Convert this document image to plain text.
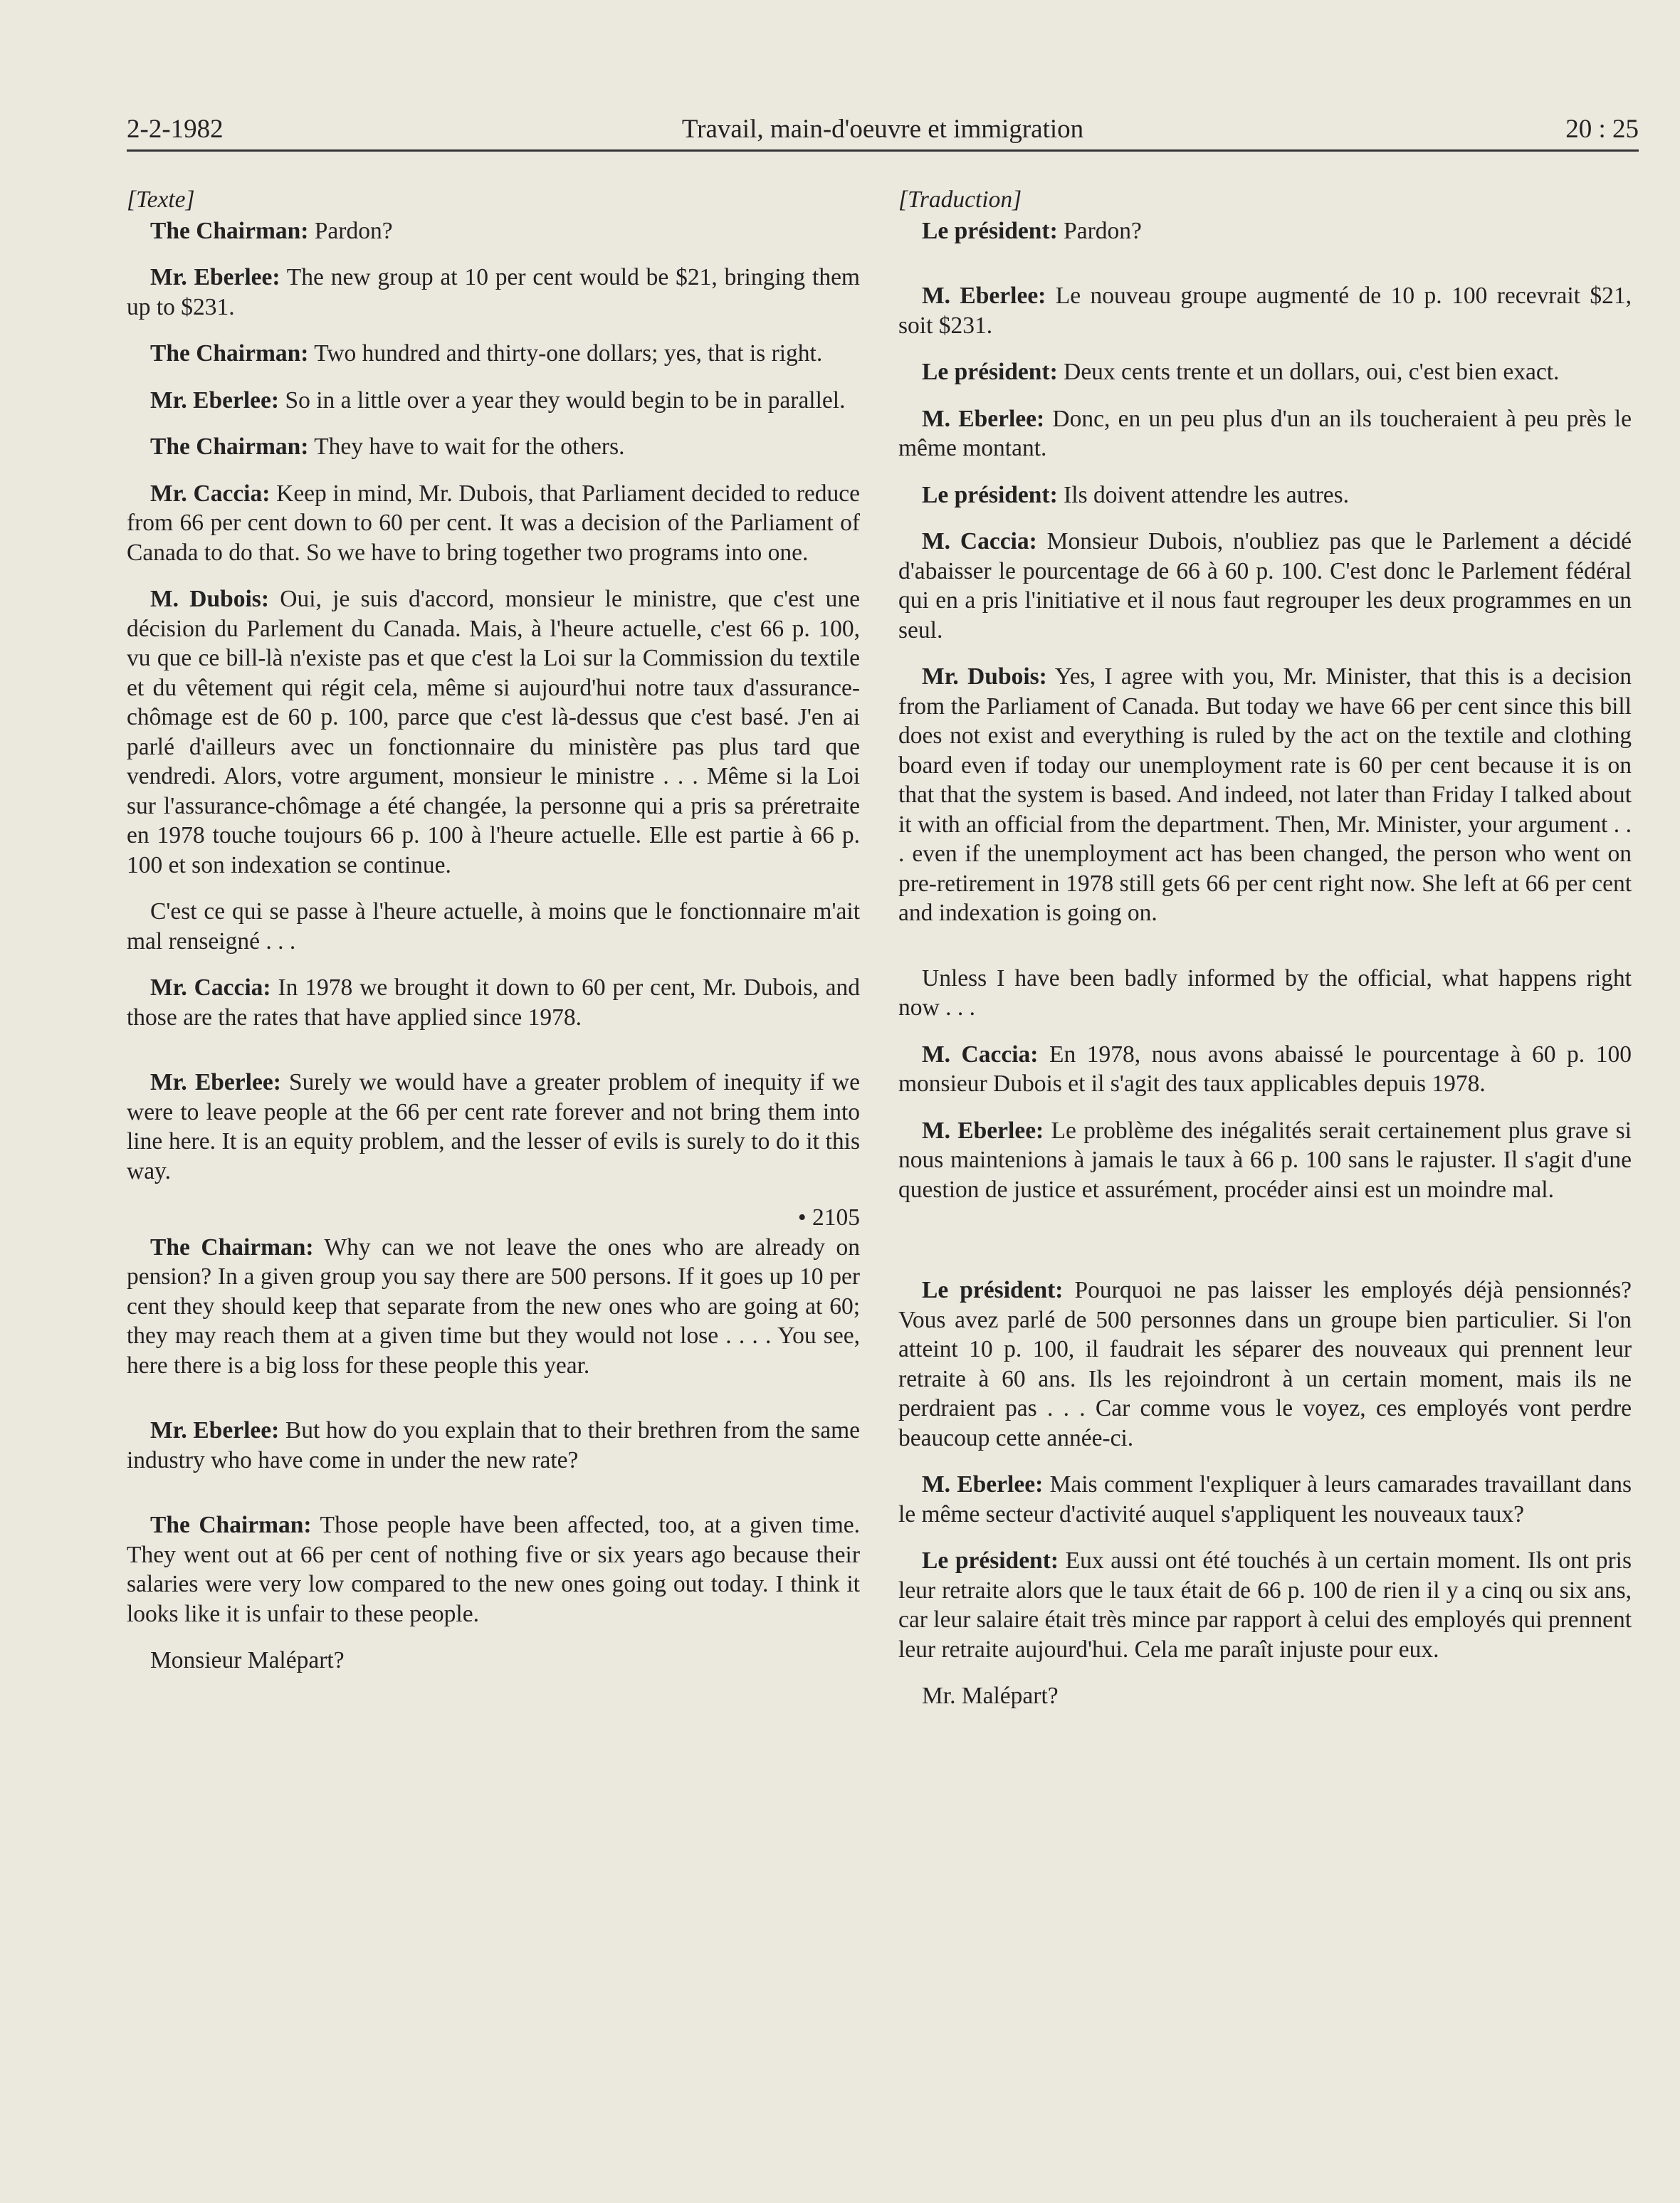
2-2-1982	Travail, main-d'oeuvre et immigration	20 : 25
[Texte]

The Chairman: Pardon?

Mr. Eberlee: The new group at 10 per cent would be $21, bringing them up to $231.

The Chairman: Two hundred and thirty-one dollars; yes, that is right.

Mr. Eberlee: So in a little over a year they would begin to be in parallel.

The Chairman: They have to wait for the others.

Mr. Caccia: Keep in mind, Mr. Dubois, that Parliament decided to reduce from 66 per cent down to 60 per cent. It was a decision of the Parliament of Canada to do that. So we have to bring together two programs into one.

M. Dubois: Oui, je suis d'accord, monsieur le ministre, que c'est une décision du Parlement du Canada. Mais, à l'heure actuelle, c'est 66 p. 100, vu que ce bill-là n'existe pas et que c'est la Loi sur la Commission du textile et du vêtement qui régit cela, même si aujourd'hui notre taux d'assurance-chômage est de 60 p. 100, parce que c'est là-dessus que c'est basé. J'en ai parlé d'ailleurs avec un fonctionnaire du ministère pas plus tard que vendredi. Alors, votre argument, monsieur le ministre . . . Même si la Loi sur l'assurance-chômage a été changée, la personne qui a pris sa préretraite en 1978 touche toujours 66 p. 100 à l'heure actuelle. Elle est partie à 66 p. 100 et son indexation se continue.

C'est ce qui se passe à l'heure actuelle, à moins que le fonctionnaire m'ait mal renseigné . . .

Mr. Caccia: In 1978 we brought it down to 60 per cent, Mr. Dubois, and those are the rates that have applied since 1978.

Mr. Eberlee: Surely we would have a greater problem of inequity if we were to leave people at the 66 per cent rate forever and not bring them into line here. It is an equity problem, and the lesser of evils is surely to do it this way.

• 2105

The Chairman: Why can we not leave the ones who are already on pension? In a given group you say there are 500 persons. If it goes up 10 per cent they should keep that separate from the new ones who are going at 60; they may reach them at a given time but they would not lose . . . . You see, here there is a big loss for these people this year.

Mr. Eberlee: But how do you explain that to their brethren from the same industry who have come in under the new rate?

The Chairman: Those people have been affected, too, at a given time. They went out at 66 per cent of nothing five or six years ago because their salaries were very low compared to the new ones going out today. I think it looks like it is unfair to these people.

Monsieur Malépart?

[Traduction]

Le président: Pardon?

M. Eberlee: Le nouveau groupe augmenté de 10 p. 100 recevrait $21, soit $231.

Le président: Deux cents trente et un dollars, oui, c'est bien exact.

M. Eberlee: Donc, en un peu plus d'un an ils toucheraient à peu près le même montant.

Le président: Ils doivent attendre les autres.

M. Caccia: Monsieur Dubois, n'oubliez pas que le Parlement a décidé d'abaisser le pourcentage de 66 à 60 p. 100. C'est donc le Parlement fédéral qui en a pris l'initiative et il nous faut regrouper les deux programmes en un seul.

Mr. Dubois: Yes, I agree with you, Mr. Minister, that this is a decision from the Parliament of Canada. But today we have 66 per cent since this bill does not exist and everything is ruled by the act on the textile and clothing board even if today our unemployment rate is 60 per cent because it is on that that the system is based. And indeed, not later than Friday I talked about it with an official from the department. Then, Mr. Minister, your argument . . . even if the unemployment act has been changed, the person who went on pre-retirement in 1978 still gets 66 per cent right now. She left at 66 per cent and indexation is going on.

Unless I have been badly informed by the official, what happens right now . . .

M. Caccia: En 1978, nous avons abaissé le pourcentage à 60 p. 100 monsieur Dubois et il s'agit des taux applicables depuis 1978.

M. Eberlee: Le problème des inégalités serait certainement plus grave si nous maintenions à jamais le taux à 66 p. 100 sans le rajuster. Il s'agit d'une question de justice et assurément, procéder ainsi est un moindre mal.

Le président: Pourquoi ne pas laisser les employés déjà pensionnés? Vous avez parlé de 500 personnes dans un groupe bien particulier. Si l'on atteint 10 p. 100, il faudrait les séparer des nouveaux qui prennent leur retraite à 60 ans. Ils les rejoindront à un certain moment, mais ils ne perdraient pas . . . Car comme vous le voyez, ces employés vont perdre beaucoup cette année-ci.

M. Eberlee: Mais comment l'expliquer à leurs camarades travaillant dans le même secteur d'activité auquel s'appliquent les nouveaux taux?

Le président: Eux aussi ont été touchés à un certain moment. Ils ont pris leur retraite alors que le taux était de 66 p. 100 de rien il y a cinq ou six ans, car leur salaire était très mince par rapport à celui des employés qui prennent leur retraite aujourd'hui. Cela me paraît injuste pour eux.

Mr. Malépart?
